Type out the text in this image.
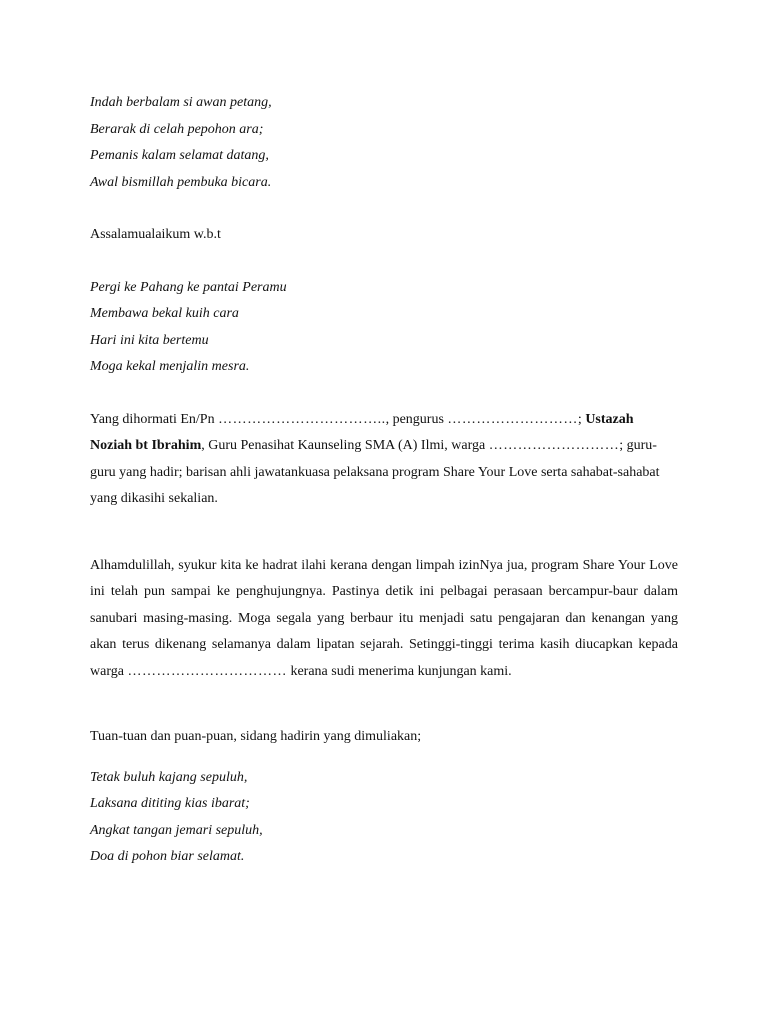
Indah berbalam si awan petang,
Berarak di celah pepohon ara;
Pemanis kalam selamat datang,
Awal bismillah pembuka bicara.
Assalamualaikum w.b.t
Pergi ke Pahang ke pantai Peramu
Membawa bekal kuih cara
Hari ini kita bertemu
Moga kekal menjalin mesra.
Yang dihormati En/Pn …………………………….., pengurus ………………………; Ustazah Noziah bt Ibrahim, Guru Penasihat Kaunseling SMA (A) Ilmi, warga ………………………; guru-guru yang hadir; barisan ahli jawatankuasa pelaksana program Share Your Love serta sahabat-sahabat yang dikasihi sekalian.
Alhamdulillah, syukur kita ke hadrat ilahi kerana dengan limpah izinNya jua, program Share Your Love ini telah pun sampai ke penghujungnya. Pastinya detik ini pelbagai perasaan bercampur-baur dalam sanubari masing-masing. Moga segala yang berbaur itu menjadi satu pengajaran dan kenangan yang akan terus dikenang selamanya dalam lipatan sejarah. Setinggi-tinggi terima kasih diucapkan kepada warga …………………………… kerana sudi menerima kunjungan kami.
Tuan-tuan dan puan-puan, sidang hadirin yang dimuliakan;
Tetak buluh kajang sepuluh,
Laksana dititing kias ibarat;
Angkat tangan jemari sepuluh,
Doa di pohon biar selamat.
